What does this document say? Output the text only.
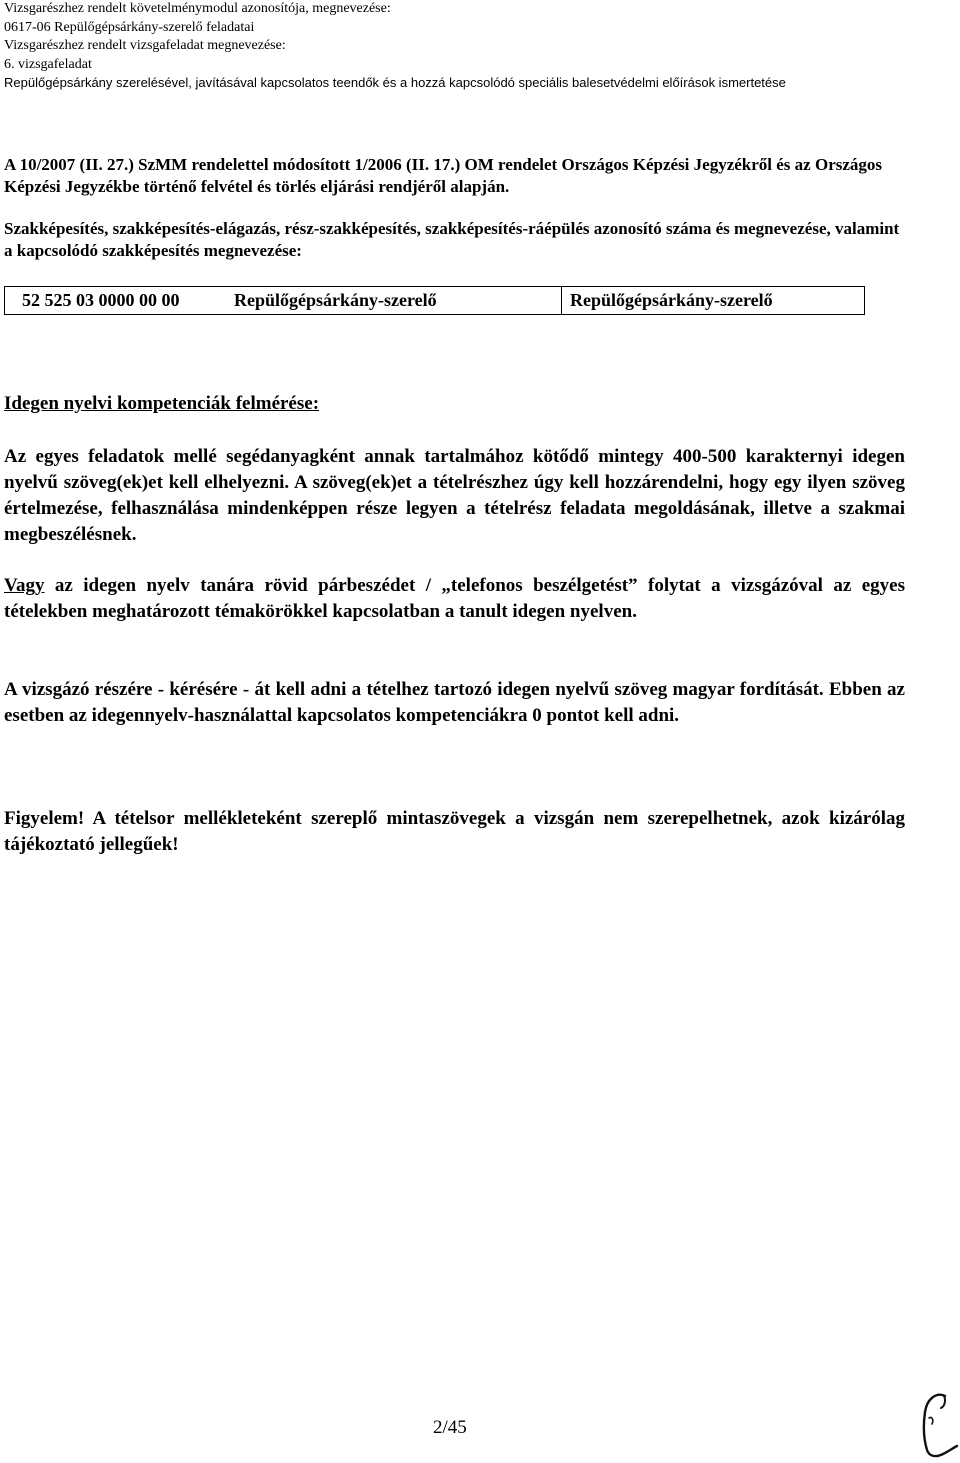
Vizsgarészhez rendelt követelménymodul azonosítója, megnevezése:
0617-06 Repülőgépsárkány-szerelő feladatai
Vizsgarészhez rendelt vizsgafeladat megnevezése:
6. vizsgafeladat
Repülőgépsárkány szerelésével, javításával kapcsolatos teendők és a hozzá kapcsolódó speciális balesetvédelmi előírások ismertetése
A 10/2007 (II. 27.) SzMM rendelettel módosított 1/2006 (II. 17.) OM rendelet Országos Képzési Jegyzékről és az Országos Képzési Jegyzékbe történő felvétel és törlés eljárási rendjéről alapján.
Szakképesítés, szakképesítés-elágazás, rész-szakképesítés, szakképesítés-ráépülés azonosító száma és megnevezése, valamint a kapcsolódó szakképesítés megnevezése:
52 525 03 0000 00 00	Repülőgépsárkány-szerelő	Repülőgépsárkány-szerelő
Idegen nyelvi kompetenciák felmérése:
Az egyes feladatok mellé segédanyagként annak tartalmához kötődő mintegy 400-500 karakternyi idegen nyelvű szöveg(ek)et kell elhelyezni. A szöveg(ek)et a tételrészhez úgy kell hozzárendelni, hogy egy ilyen szöveg értelmezése, felhasználása mindenképpen része legyen a tételrész feladata megoldásának, illetve a szakmai megbeszélésnek.
Vagy az idegen nyelv tanára rövid párbeszédet / „telefonos beszélgetést” folytat a vizsgázóval az egyes tételekben meghatározott témakörökkel kapcsolatban a tanult idegen nyelven.
A vizsgázó részére - kérésére - át kell adni a tételhez tartozó idegen nyelvű szöveg magyar fordítását. Ebben az esetben az idegennyelv-használattal kapcsolatos kompetenciákra 0 pontot kell adni.
Figyelem! A tételsor mellékleteként szereplő mintaszövegek a vizsgán nem szerepelhetnek, azok kizárólag tájékoztató jellegűek!
2/45
